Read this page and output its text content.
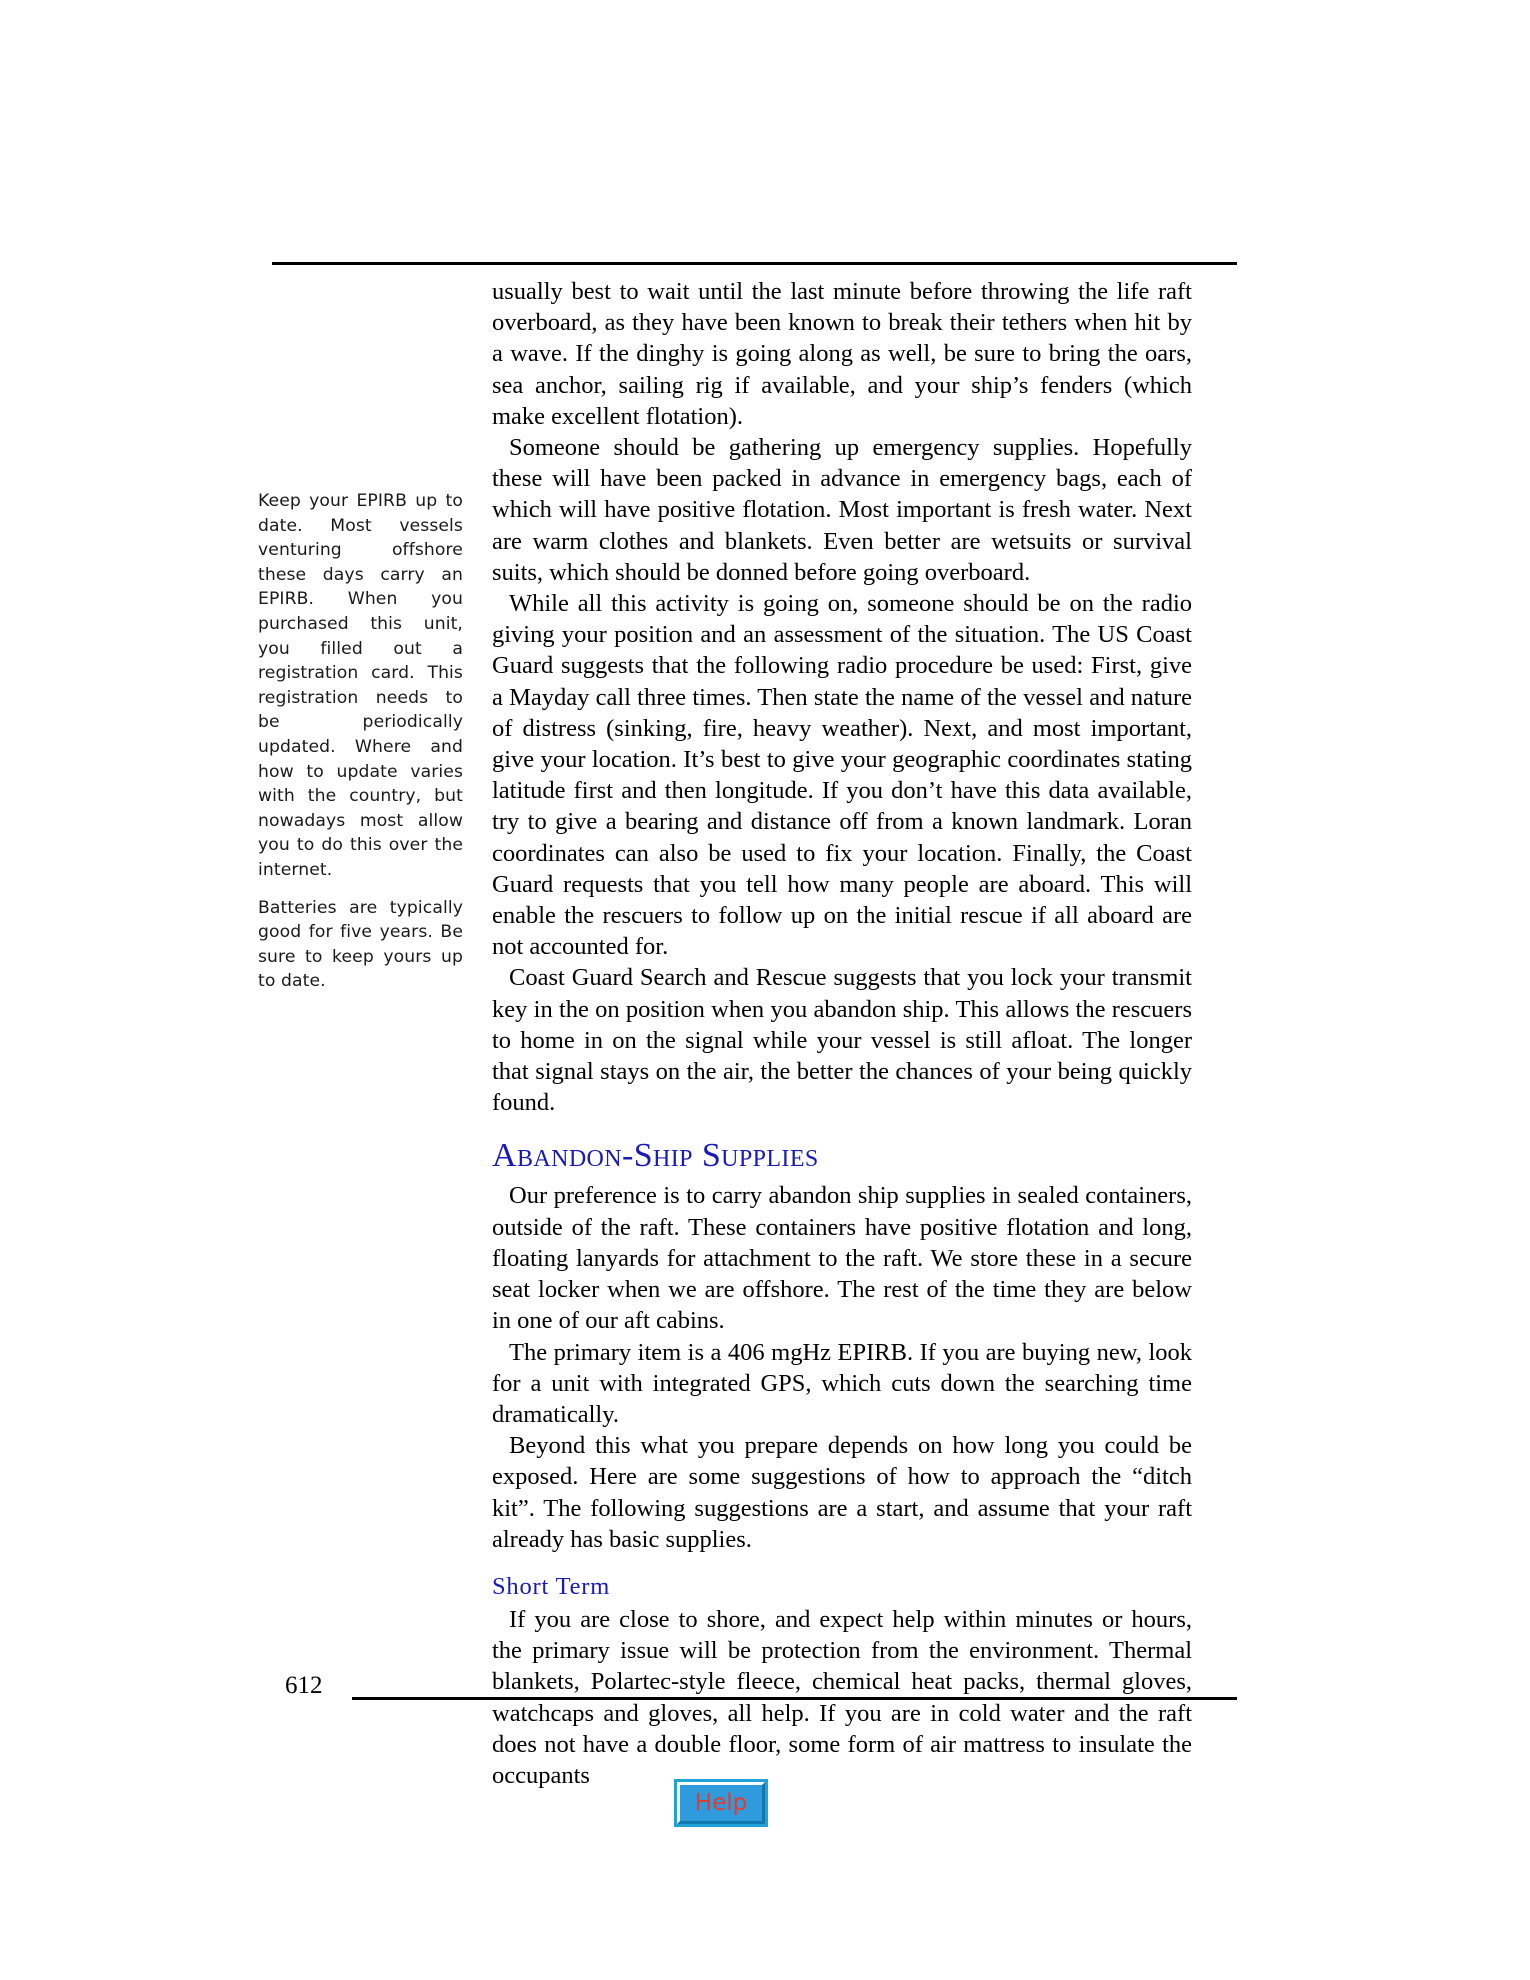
Keep your EPIRB up to date. Most vessels venturing offshore these days carry an EPIRB. When you purchased this unit, you filled out a registration card. This registration needs to be periodically updated. Where and how to update varies with the country, but nowadays most allow you to do this over the internet.

Batteries are typically good for five years. Be sure to keep yours up to date.

usually best to wait until the last minute before throwing the life raft overboard, as they have been known to break their tethers when hit by a wave. If the dinghy is going along as well, be sure to bring the oars, sea anchor, sailing rig if available, and your ship’s fenders (which make excellent flotation).

Someone should be gathering up emergency supplies. Hopefully these will have been packed in advance in emergency bags, each of which will have positive flotation. Most important is fresh water. Next are warm clothes and blankets. Even better are wetsuits or survival suits, which should be donned before going overboard.

While all this activity is going on, someone should be on the radio giving your position and an assessment of the situation. The US Coast Guard suggests that the following radio procedure be used: First, give a Mayday call three times. Then state the name of the vessel and nature of distress (sinking, fire, heavy weather). Next, and most important, give your location. It’s best to give your geographic coordinates stating latitude first and then longitude. If you don’t have this data available, try to give a bearing and distance off from a known landmark. Loran coordinates can also be used to fix your location. Finally, the Coast Guard requests that you tell how many people are aboard. This will enable the rescuers to follow up on the initial rescue if all aboard are not accounted for.

Coast Guard Search and Rescue suggests that you lock your transmit key in the on position when you abandon ship. This allows the rescuers to home in on the signal while your vessel is still afloat. The longer that signal stays on the air, the better the chances of your being quickly found.

Abandon-Ship Supplies

Our preference is to carry abandon ship supplies in sealed containers, outside of the raft. These containers have positive flotation and long, floating lanyards for attachment to the raft. We store these in a secure seat locker when we are offshore. The rest of the time they are below in one of our aft cabins.

The primary item is a 406 mgHz EPIRB. If you are buying new, look for a unit with integrated GPS, which cuts down the searching time dramatically.

Beyond this what you prepare depends on how long you could be exposed. Here are some suggestions of how to approach the “ditch kit”. The following suggestions are a start, and assume that your raft already has basic supplies.

Short Term

If you are close to shore, and expect help within minutes or hours, the primary issue will be protection from the environment. Thermal blankets, Polartec-style fleece, chemical heat packs, thermal gloves, watchcaps and gloves, all help. If you are in cold water and the raft does not have a double floor, some form of air mattress to insulate the occupants

612
Help
